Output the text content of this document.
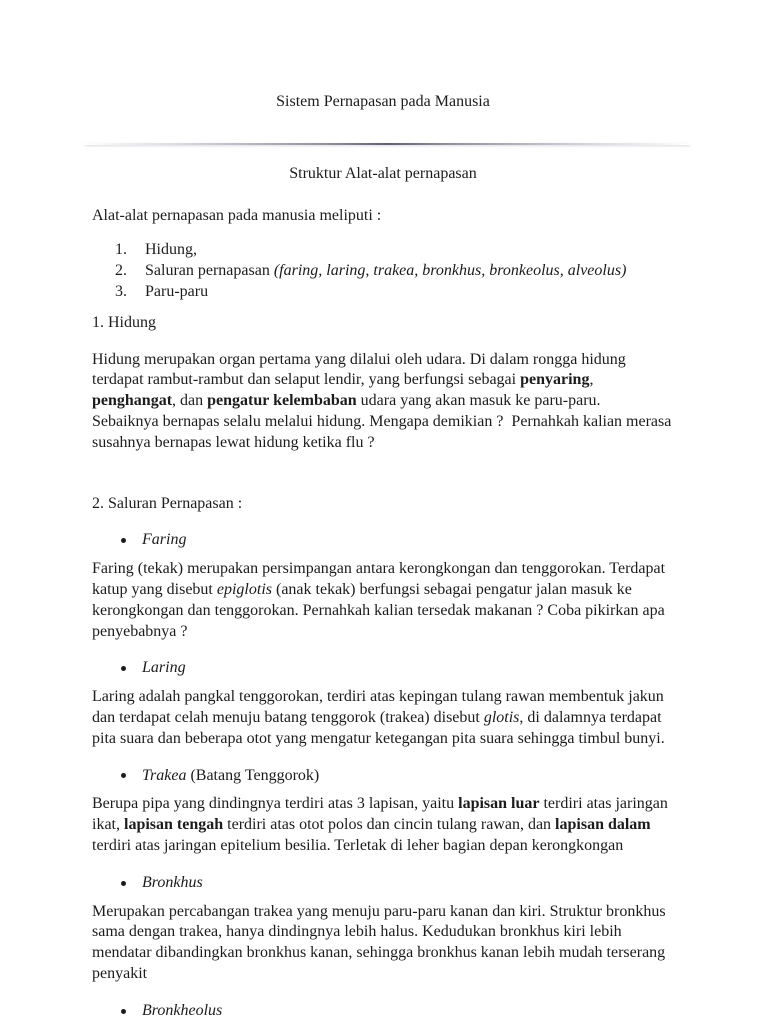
Sistem Pernapasan pada Manusia
Struktur Alat-alat pernapasan
Alat-alat pernapasan pada manusia meliputi :
1.	Hidung,
2.	Saluran pernapasan (faring, laring, trakea, bronkhus, bronkeolus, alveolus)
3.	Paru-paru
1. Hidung
Hidung merupakan organ pertama yang dilalui oleh udara. Di dalam rongga hidung terdapat rambut-rambut dan selaput lendir, yang berfungsi sebagai penyaring, penghangat, dan pengatur kelembaban udara yang akan masuk ke paru-paru.
Sebaiknya bernapas selalu melalui hidung. Mengapa demikian ?  Pernahkah kalian merasa susahnya bernapas lewat hidung ketika flu ?
2. Saluran Pernapasan :
Faring
Faring (tekak) merupakan persimpangan antara kerongkongan dan tenggorokan. Terdapat katup yang disebut epiglotis (anak tekak) berfungsi sebagai pengatur jalan masuk ke kerongkongan dan tenggorokan. Pernahkah kalian tersedak makanan ? Coba pikirkan apa penyebabnya ?
Laring
Laring adalah pangkal tenggorokan, terdiri atas kepingan tulang rawan membentuk jakun dan terdapat celah menuju batang tenggorok (trakea) disebut glotis, di dalamnya terdapat pita suara dan beberapa otot yang mengatur ketegangan pita suara sehingga timbul bunyi.
Trakea (Batang Tenggorok)
Berupa pipa yang dindingnya terdiri atas 3 lapisan, yaitu lapisan luar terdiri atas jaringan ikat, lapisan tengah terdiri atas otot polos dan cincin tulang rawan, dan lapisan dalam terdiri atas jaringan epitelium besilia. Terletak di leher bagian depan kerongkongan
Bronkhus
Merupakan percabangan trakea yang menuju paru-paru kanan dan kiri. Struktur bronkhus sama dengan trakea, hanya dindingnya lebih halus. Kedudukan bronkhus kiri lebih mendatar dibandingkan bronkhus kanan, sehingga bronkhus kanan lebih mudah terserang penyakit
Bronkheolus
